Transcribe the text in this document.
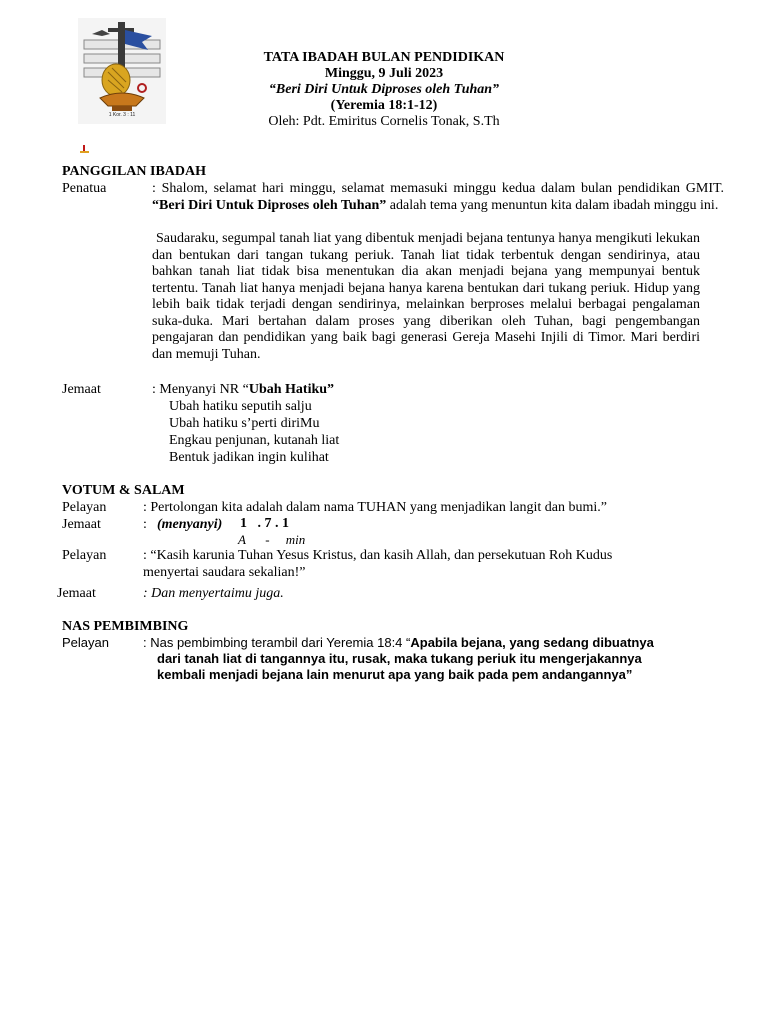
1 Kor. 3 : 11
TATA IBADAH BULAN PENDIDIKAN
Minggu, 9 Juli 2023
“Beri Diri Untuk Diproses oleh Tuhan”
(Yeremia 18:1-12)
Oleh: Pdt. Emiritus Cornelis Tonak, S.Th
PANGGILAN IBADAH
Penatua	: Shalom, selamat hari minggu, selamat memasuki minggu kedua dalam bulan pendidikan GMIT. “Beri Diri Untuk Diproses oleh Tuhan” adalah tema yang menuntun kita dalam ibadah minggu ini.
Saudaraku, segumpal tanah liat yang dibentuk menjadi bejana tentunya hanya mengikuti lekukan dan bentukan dari tangan tukang periuk. Tanah liat tidak terbentuk dengan sendirinya, atau bahkan tanah liat tidak bisa menentukan dia akan menjadi bejana yang mempunyai bentuk tertentu. Tanah liat hanya menjadi bejana hanya karena bentukan dari tukang periuk. Hidup yang lebih baik tidak terjadi dengan sendirinya, melainkan berproses melalui berbagai pengalaman suka-duka. Mari bertahan dalam proses yang diberikan oleh Tuhan, bagi pengembangan pengajaran dan pendidikan yang baik bagi generasi Gereja Masehi Injili di Timor. Mari berdiri dan memuji Tuhan.
Jemaat	: Menyanyi NR “Ubah Hatiku”
Ubah hatiku seputih salju
Ubah hatiku s’perti diriMu
Engkau penjunan, kutanah liat
Bentuk jadikan ingin kulihat
VOTUM & SALAM
Pelayan	: Pertolongan kita adalah dalam nama TUHAN yang menjadikan langit dan bumi.”
Jemaat	: (menyanyi) 1   . 7 . 1
A      -     min
Pelayan	: “Kasih karunia Tuhan Yesus Kristus, dan kasih Allah, dan persekutuan Roh Kudus
menyertai saudara sekalian!”
Jemaat	: Dan menyertaimu juga.
NAS PEMBIMBING
Pelayan	: Nas pembimbing terambil dari Yeremia 18:4 “Apabila bejana, yang sedang dibuatnya
dari tanah liat di tangannya itu, rusak, maka tukang periuk itu mengerjakannya
kembali menjadi bejana lain menurut apa yang baik pada pem andangannya”
